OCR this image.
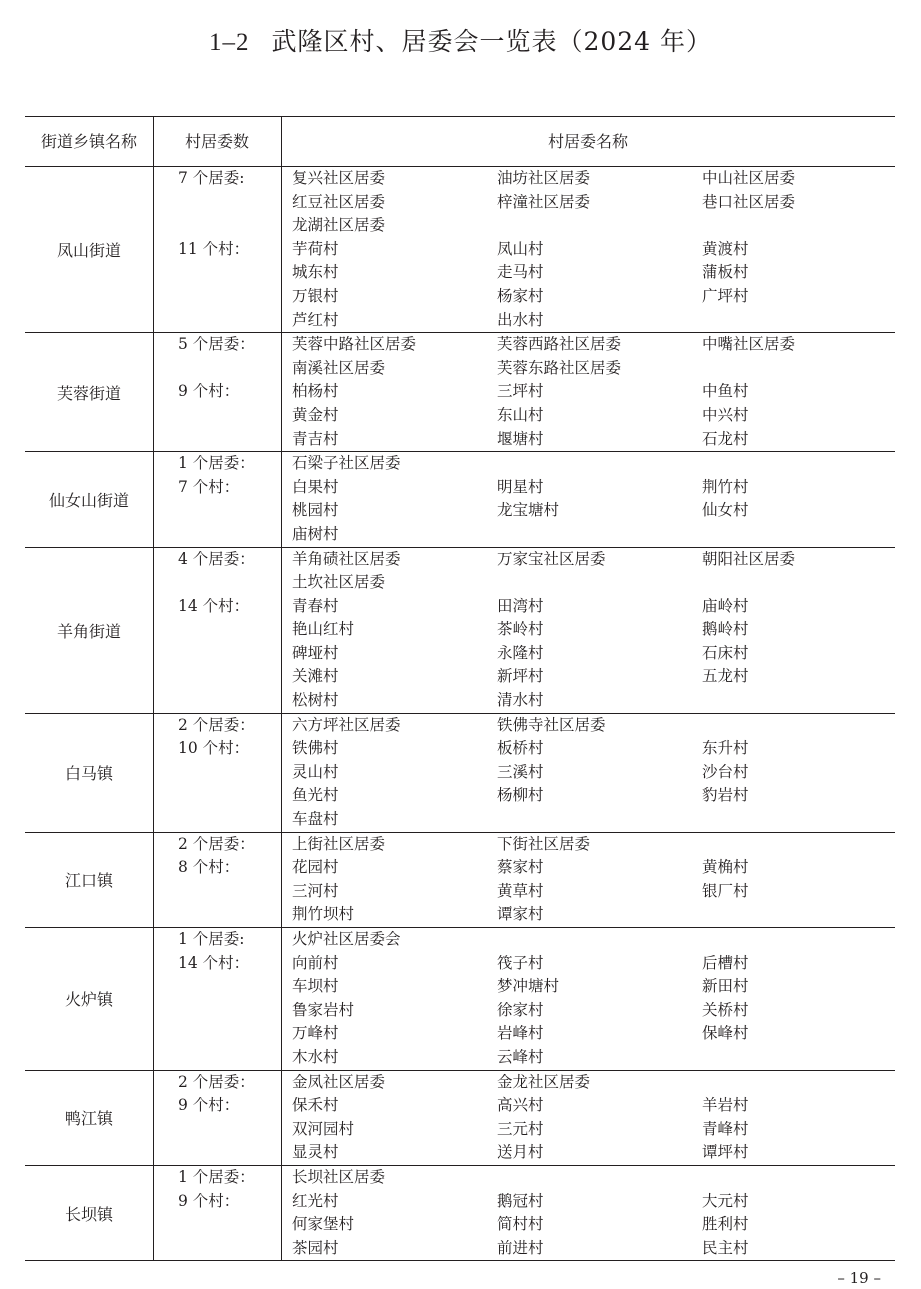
1–2 武隆区村、居委会一览表（2024 年）
街道乡镇名称	村居委数	村居委名称
凤山街道
7 个居委:	复兴社区居委	油坊社区居委	中山社区居委
红豆社区居委	梓潼社区居委	巷口社区居委
龙湖社区居委
11 个村：	芋荷村	凤山村	黄渡村
城东村	走马村	蒲板村
万银村	杨家村	广坪村
芦红村	出水村
芙蓉街道
5 个居委： 芙蓉中路社区居委	芙蓉西路社区居委	中嘴社区居委
南溪社区居委	芙蓉东路社区居委
9 个村：	柏杨村	三坪村	中鱼村
黄金村	东山村	中兴村
青吉村	堰塘村	石龙村
仙女山街道
1 个居委： 石梁子社区居委
7 个村：	白果村	明星村	荆竹村
桃园村	龙宝塘村	仙女村
庙树村
羊角街道
4 个居委： 羊角碛社区居委	万家宝社区居委	朝阳社区居委
土坎社区居委
14 个村：	青春村	田湾村	庙岭村
艳山红村	茶岭村	鹅岭村
碑垭村	永隆村	石床村
关滩村	新坪村	五龙村
松树村	清水村
白马镇
2 个居委： 六方坪社区居委	铁佛寺社区居委
10 个村：	铁佛村	板桥村	东升村
灵山村	三溪村	沙台村
鱼光村	杨柳村	豹岩村
车盘村
江口镇
2 个居委： 上街社区居委	下街社区居委
8 个村：	花园村	蔡家村	黄桷村
三河村	黄草村	银厂村
荆竹坝村	谭家村
火炉镇
1 个居委:	火炉社区居委会
14 个村：	向前村	筏子村	后槽村
车坝村	梦冲塘村	新田村
鲁家岩村	徐家村	关桥村
万峰村	岩峰村	保峰村
木水村	云峰村
鸭江镇
2 个居委： 金凤社区居委	金龙社区居委
9 个村：	保禾村	高兴村	羊岩村
双河园村	三元村	青峰村
显灵村	送月村	谭坪村
长坝镇
1 个居委： 长坝社区居委
9 个村：	红光村	鹅冠村	大元村
何家堡村	简村村	胜利村
茶园村	前进村	民主村
– 19 –
